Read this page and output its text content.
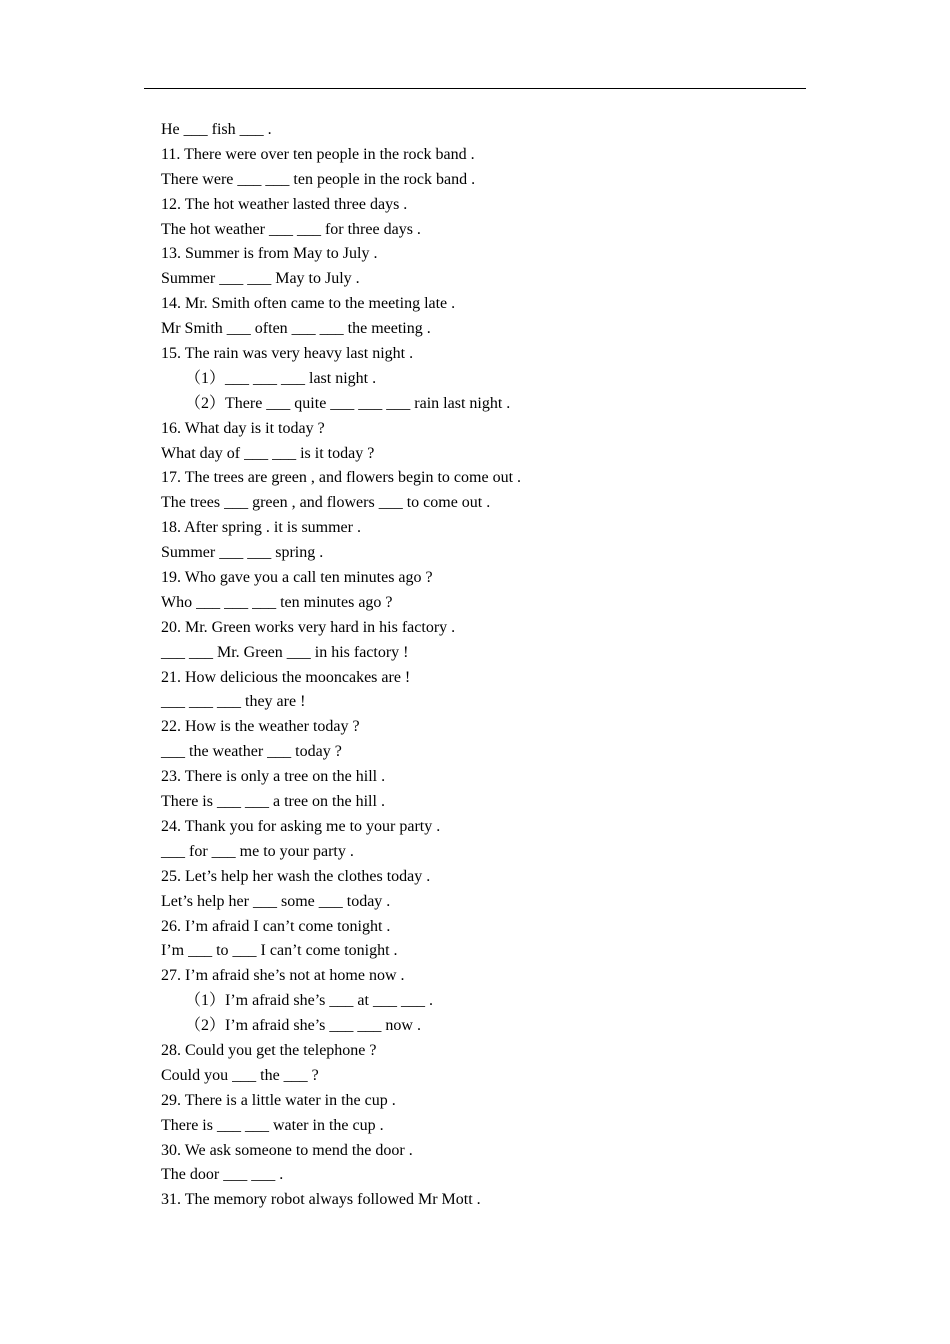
He ___ fish ___ .
11. There were over ten people in the rock band .
There were ___ ___ ten people in the rock band .
12. The hot weather lasted three days .
The hot weather ___ ___ for three days .
13. Summer is from May to July .
Summer ___ ___ May to July .
14. Mr. Smith often came to the meeting late .
Mr Smith ___ often ___ ___ the meeting .
15. The rain was very heavy last night .
（1）___ ___ ___ last night .
（2）There ___ quite ___ ___ ___ rain last night .
16. What day is it today ?
What day of ___ ___ is it today ?
17. The trees are green , and flowers begin to come out .
The trees ___ green , and flowers ___ to come out .
18. After spring . it is summer .
Summer ___ ___ spring .
19. Who gave you a call ten minutes ago ?
Who ___ ___ ___ ten minutes ago ?
20. Mr. Green works very hard in his factory .
___ ___ Mr. Green ___ in his factory !
21. How delicious the mooncakes are !
___ ___ ___ they are !
22. How is the weather today ?
___ the weather ___ today ?
23. There is only a tree on the hill .
There is ___ ___ a tree on the hill .
24. Thank you for asking me to your party .
___ for ___ me to your party .
25. Let’s help her wash the clothes today .
Let’s help her ___ some ___ today .
26. I’m afraid I can’t come tonight .
I’m ___ to ___ I can’t come tonight .
27. I’m afraid she’s not at home now .
（1）I’m afraid she’s ___ at ___ ___ .
（2）I’m afraid she’s ___ ___ now .
28. Could you get the telephone ?
Could you ___ the ___ ?
29. There is a little water in the cup .
There is ___ ___ water in the cup .
30. We ask someone to mend the door .
The door ___ ___ .
31. The memory robot always followed Mr Mott .
